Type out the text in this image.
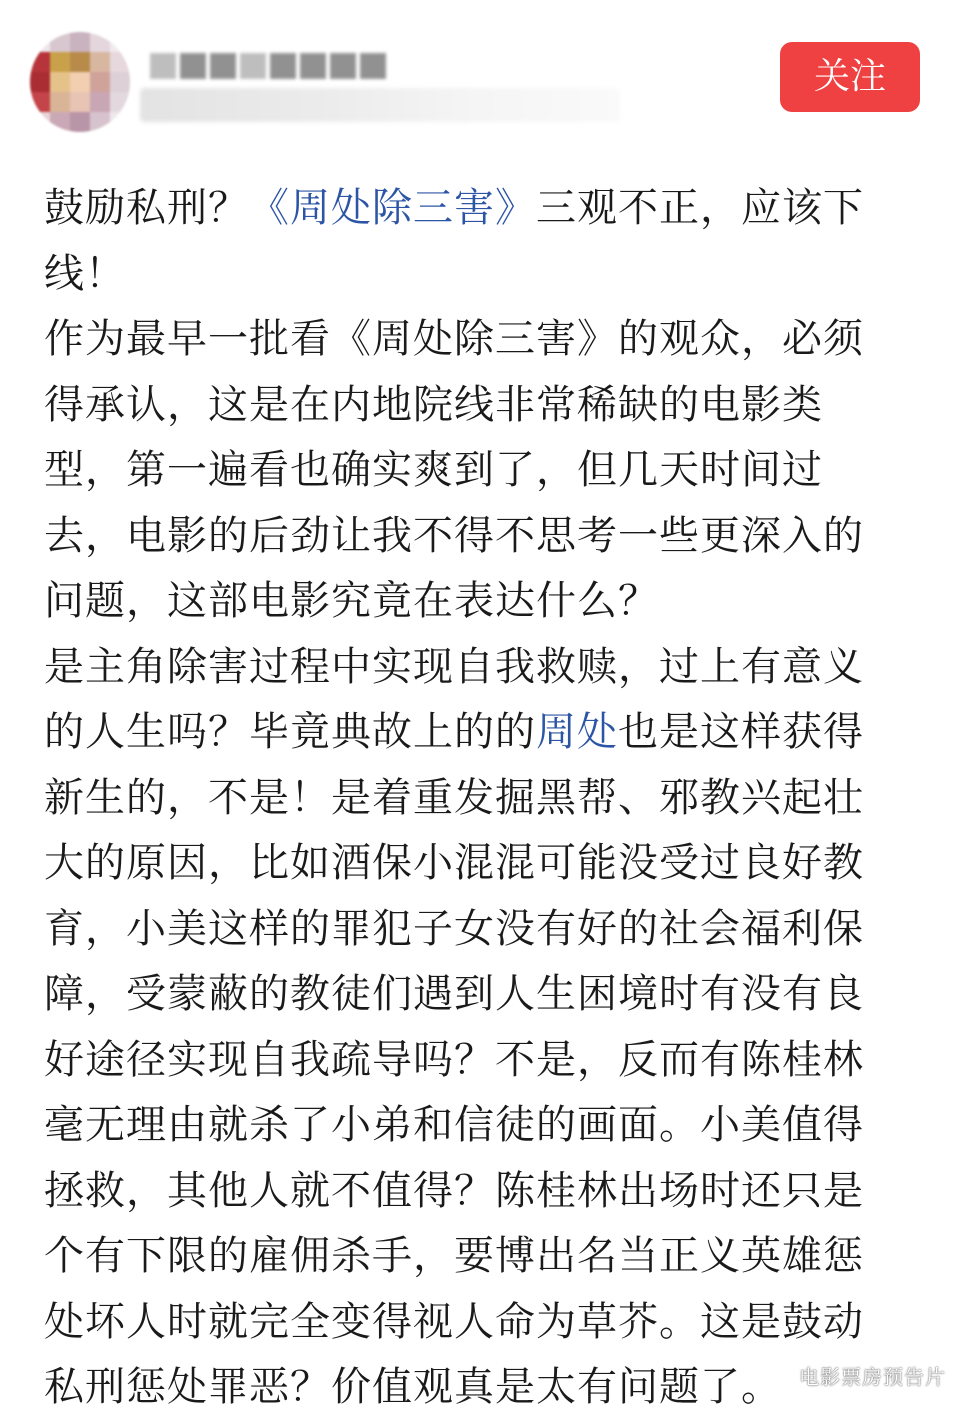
关注

鼓励私刑？《周处除三害》三观不正，应该下线！

作为最早一批看《周处除三害》的观众，必须得承认，这是在内地院线非常稀缺的电影类型，第一遍看也确实爽到了，但几天时间过去，电影的后劲让我不得不思考一些更深入的问题，这部电影究竟在表达什么？

是主角除害过程中实现自我救赎，过上有意义的人生吗？毕竟典故上的的周处也是这样获得新生的，不是！是着重发掘黑帮、邪教兴起壮大的原因，比如酒保小混混可能没受过良好教育，小美这样的罪犯子女没有好的社会福利保障，受蒙蔽的教徒们遇到人生困境时有没有良好途径实现自我疏导吗？不是，反而有陈桂林毫无理由就杀了小弟和信徒的画面。小美值得拯救，其他人就不值得？陈桂林出场时还只是个有下限的雇佣杀手，要博出名当正义英雄惩处坏人时就完全变得视人命为草芥。这是鼓动私刑惩处罪恶？价值观真是太有问题了。 电影票房预告片
